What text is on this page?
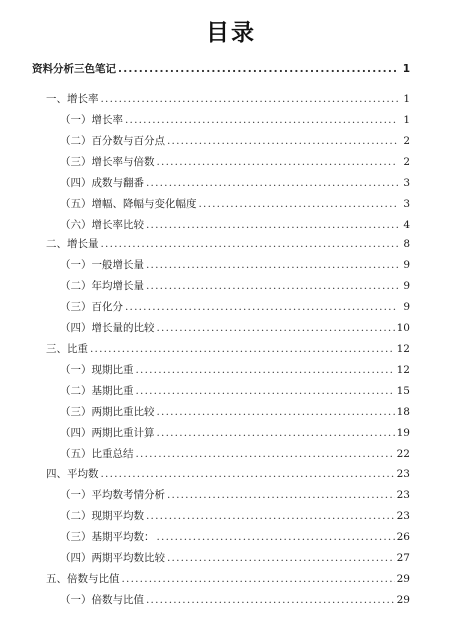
目录
资料分析三色笔记 .....	1
一、增长率 .....	1
（一）增长率 .....	1
（二）百分数与百分点 .....	2
（三）增长率与倍数 .....	2
（四）成数与翻番 .....	3
（五）增幅、降幅与变化幅度 .....	3
（六）增长率比较 .....	4
二、增长量 .....	8
（一）一般增长量 .....	9
（二）年均增长量 .....	9
（三）百化分 .....	9
（四）增长量的比较 .....	10
三、比重 .....	12
（一）现期比重 .....	12
（二）基期比重 .....	15
（三）两期比重比较 .....	18
（四）两期比重计算 .....	19
（五）比重总结 .....	22
四、平均数 .....	23
（一）平均数考情分析 .....	23
（二）现期平均数 .....	23
（三）基期平均数： .....	26
（四）两期平均数比较 .....	27
五、倍数与比值 .....	29
（一）倍数与比值 .....	29
